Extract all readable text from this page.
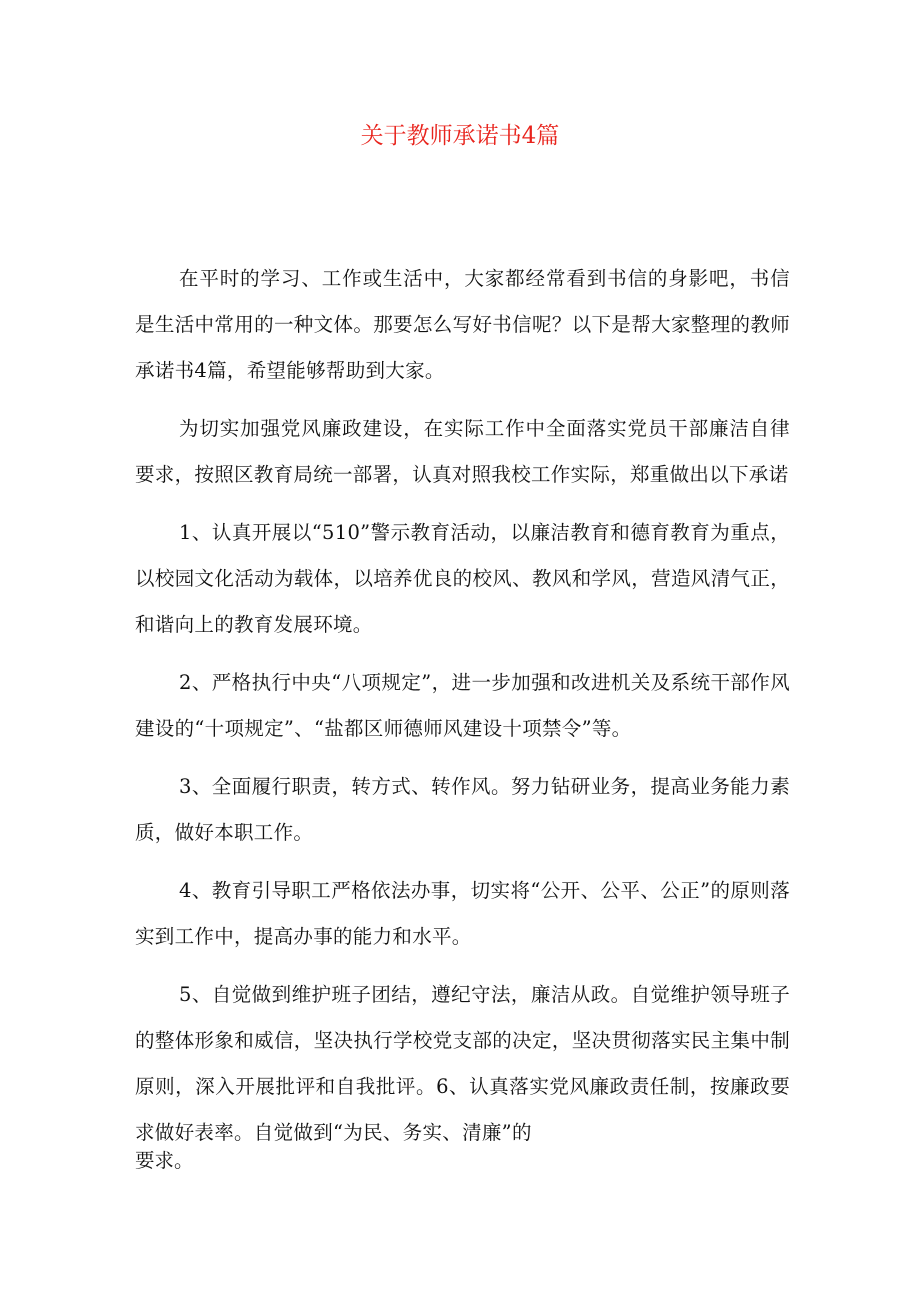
关于教师承诺书4篇

在平时的学习、工作或生活中，大家都经常看到书信的身影吧，书信是生活中常用的一种文体。那要怎么写好书信呢？以下是帮大家整理的教师承诺书4篇，希望能够帮助到大家。

为切实加强党风廉政建设，在实际工作中全面落实党员干部廉洁自律要求，按照区教育局统一部署，认真对照我校工作实际，郑重做出以下承诺

1、认真开展以“510”警示教育活动，以廉洁教育和德育教育为重点，以校园文化活动为载体，以培养优良的校风、教风和学风，营造风清气正，和谐向上的教育发展环境。

2、严格执行中央“八项规定”，进一步加强和改进机关及系统干部作风建设的“十项规定”、“盐都区师德师风建设十项禁令”等。

3、全面履行职责，转方式、转作风。努力钻研业务，提高业务能力素质，做好本职工作。

4、教育引导职工严格依法办事，切实将“公开、公平、公正”的原则落实到工作中，提高办事的能力和水平。

5、自觉做到维护班子团结，遵纪守法，廉洁从政。自觉维护领导班子的整体形象和威信，坚决执行学校党支部的决定，坚决贯彻落实民主集中制原则，深入开展批评和自我批评。6、认真落实党风廉政责任制，按廉政要求做好表率。自觉做到“为民、务实、清廉”的

要求。
